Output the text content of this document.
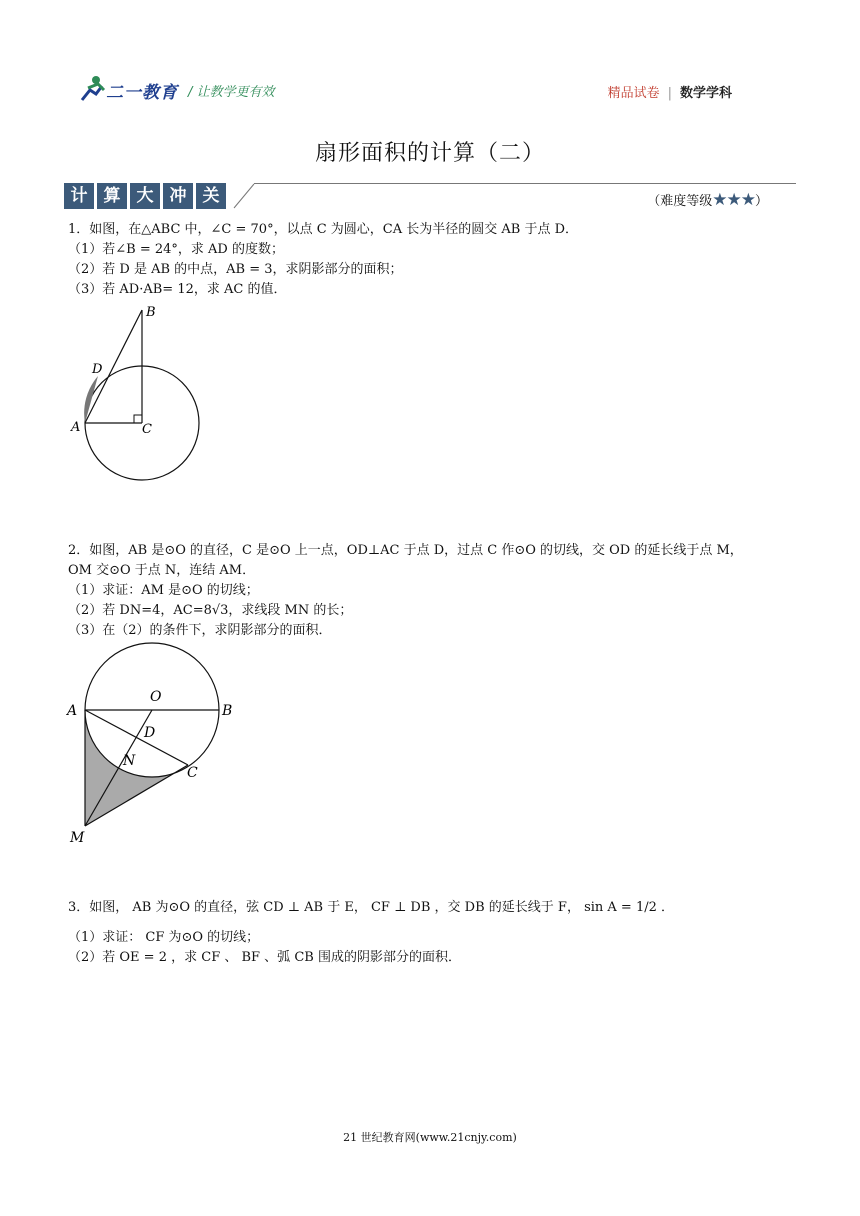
二一教育 / 让教学更有效	精品试卷 | 数学学科
扇形面积的计算（二）
计 算 大 冲 关	（难度等级★★★）
1．如图，在△ABC 中，∠C = 70°，以点 C 为圆心，CA 长为半径的圆交 AB 于点 D．
（1）若∠B = 24°，求 AD 的度数；
（2）若 D 是 AB 的中点，AB = 3，求阴影部分的面积；
（3）若 AD·AB= 12，求 AC 的值．
B
D
A	C
2．如图，AB 是⊙O 的直径，C 是⊙O 上一点，OD⊥AC 于点 D，过点 C 作⊙O 的切线，交 OD 的延长线于点 M，
OM 交⊙O 于点 N，连结 AM．
（1）求证：AM 是⊙O 的切线；
（2）若 DN=4，AC=8√3，求线段 MN 的长；
（3）在（2）的条件下，求阴影部分的面积．
O
A	B
D
N
C
M
3．如图， AB 为⊙O 的直径，弦 CD ⊥ AB 于 E， CF ⊥ DB ，交 DB 的延长线于 F， sin A = 1/2 ．
（1）求证： CF 为⊙O 的切线；
（2）若 OE = 2 ，求 CF 、 BF 、弧 CB 围成的阴影部分的面积．
21 世纪教育网(www.21cnjy.com)
